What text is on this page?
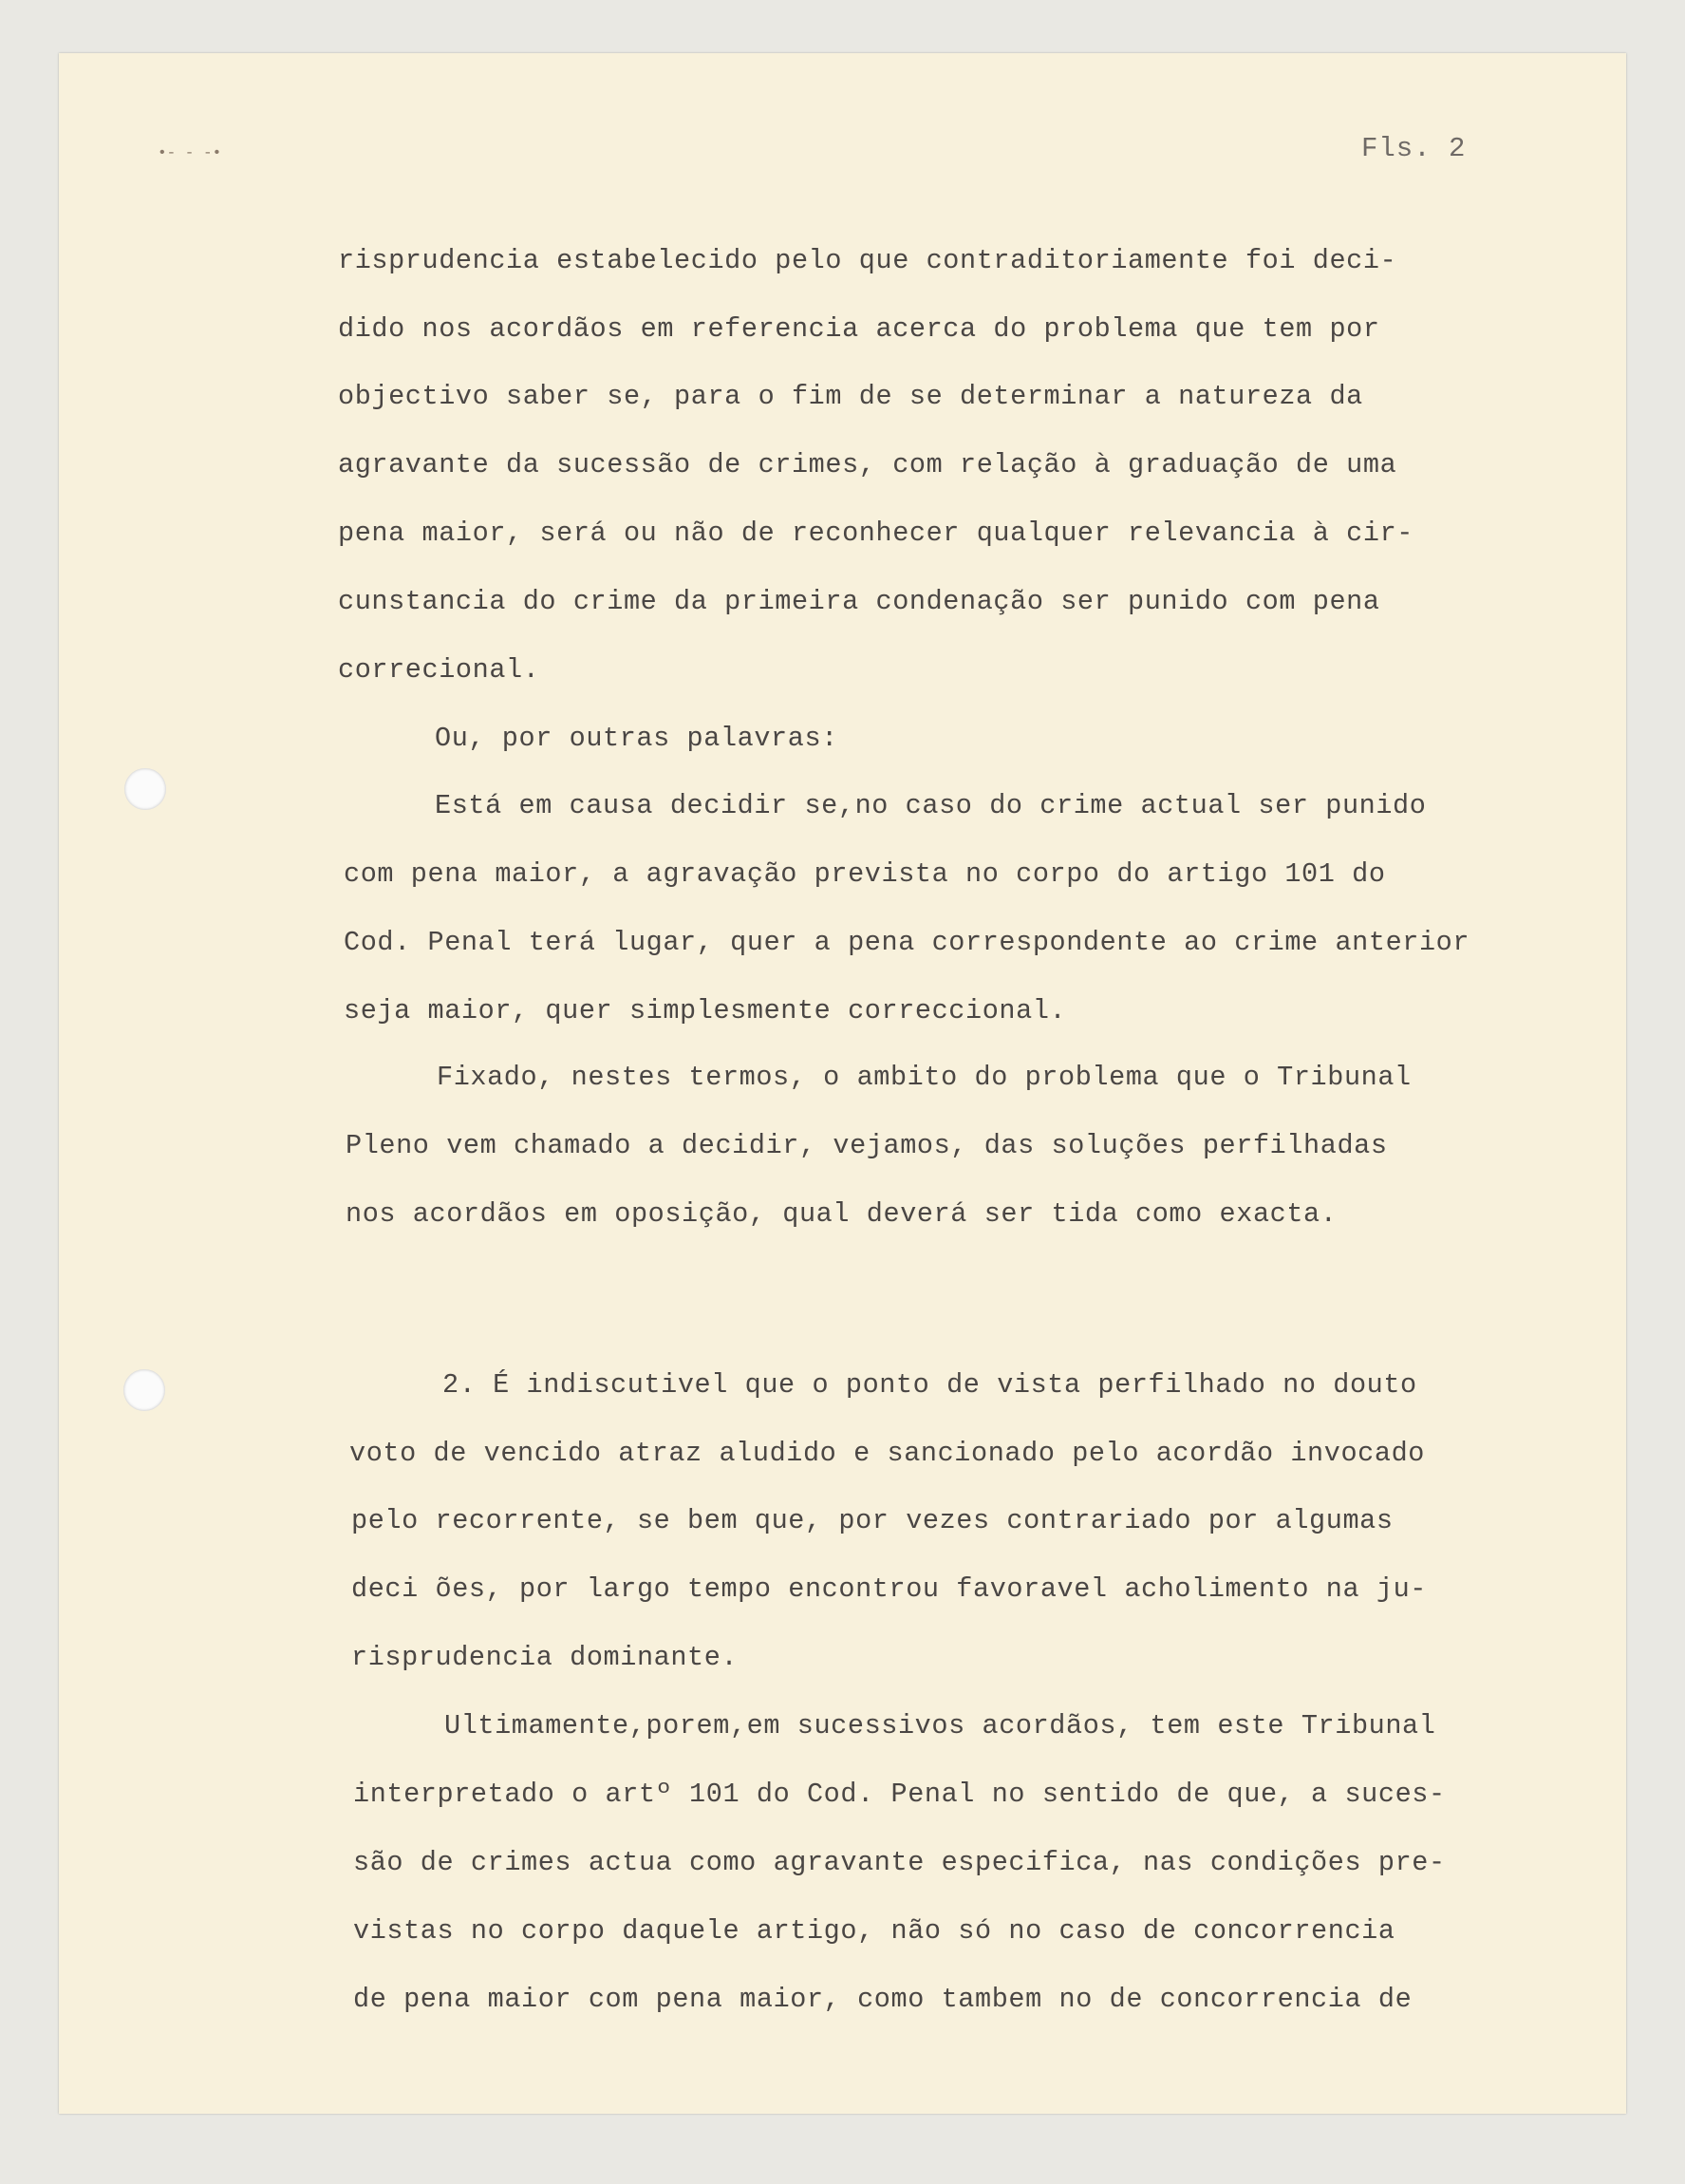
•- - -•	Fls. 2
risprudencia estabelecido pelo que contraditoriamente foi deci-
dido nos acordãos em referencia acerca do problema que tem por
objectivo saber se, para o fim de se determinar a natureza da
agravante da sucessão de crimes, com relação à graduação de uma
pena maior, será ou não de reconhecer qualquer relevancia à cir-
cunstancia do crime da primeira condenação ser punido com pena
correcional.
Ou, por outras palavras:
Está em causa decidir se,no caso do crime actual ser punido
com pena maior, a agravação prevista no corpo do artigo 101 do
Cod. Penal terá lugar, quer a pena correspondente ao crime anterior
seja maior, quer simplesmente correccional.
Fixado, nestes termos, o ambito do problema que o Tribunal
Pleno vem chamado a decidir, vejamos, das soluções perfilhadas
nos acordãos em oposição, qual deverá ser tida como exacta.
2. É indiscutivel que o ponto de vista perfilhado no douto
voto de vencido atraz aludido e sancionado pelo acordão invocado
pelo recorrente, se bem que, por vezes contrariado por algumas
deci ões, por largo tempo encontrou favoravel acholimento na ju-
risprudencia dominante.
Ultimamente,porem,em sucessivos acordãos, tem este Tribunal
interpretado o artº 101 do Cod. Penal no sentido de que, a suces-
são de crimes actua como agravante especifica, nas condições pre-
vistas no corpo daquele artigo, não só no caso de concorrencia
de pena maior com pena maior, como tambem no de concorrencia de
